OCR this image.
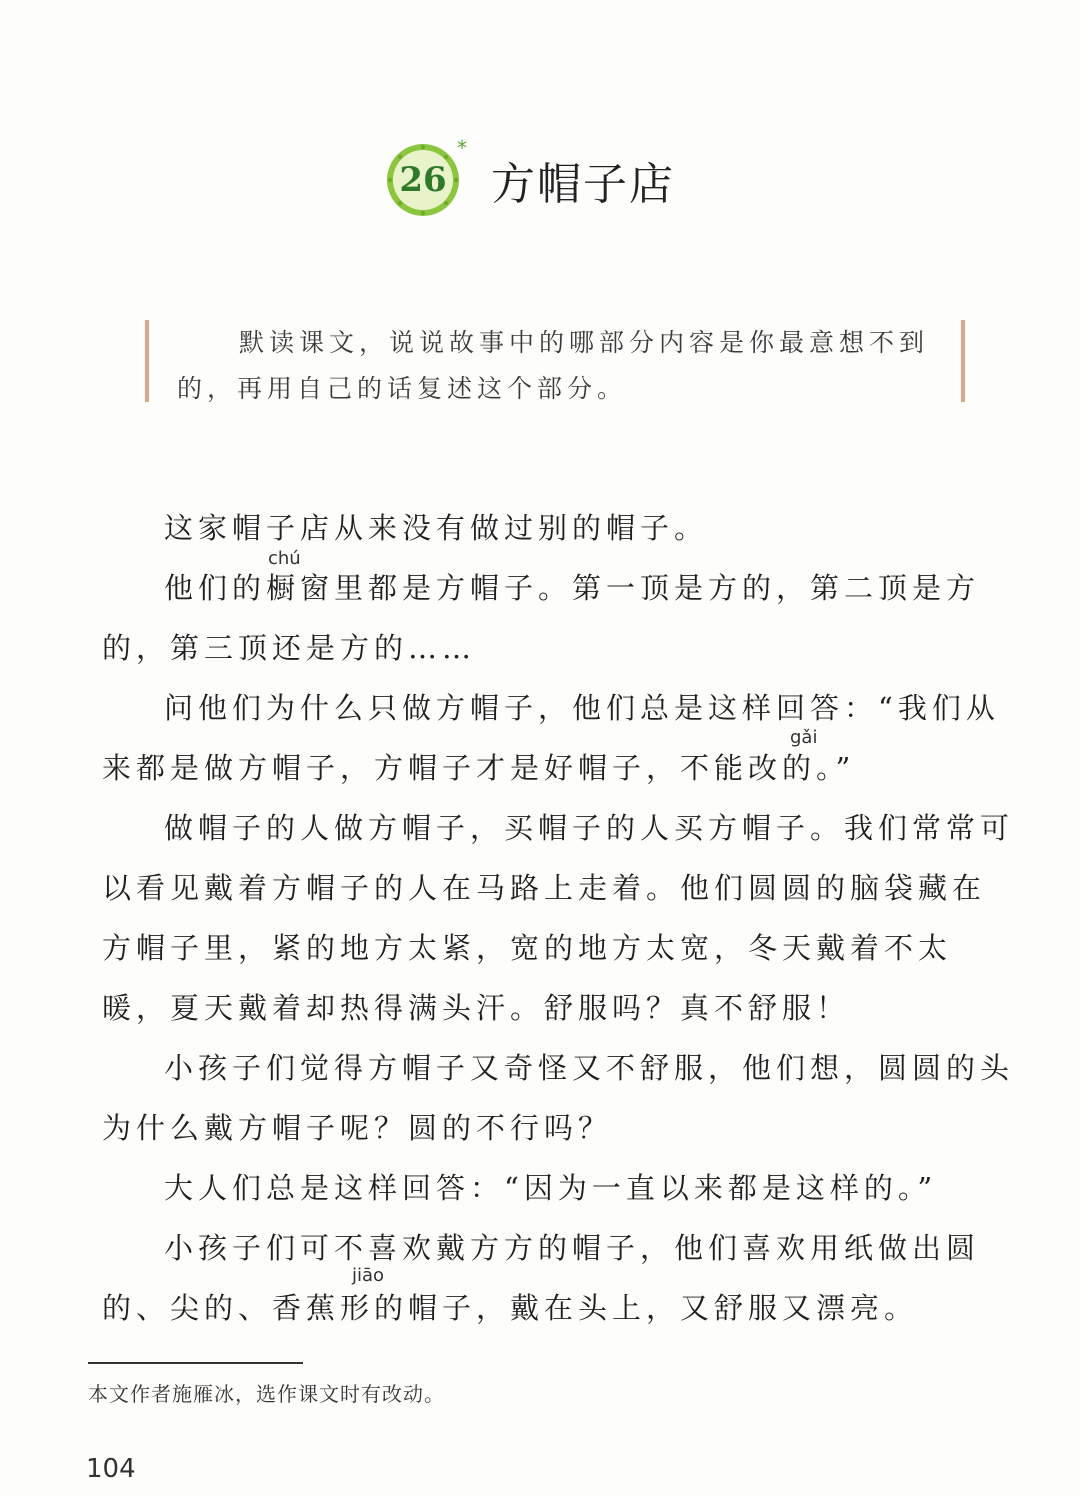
26
*
方帽子店
默读课文，说说故事中的哪部分内容是你最意想不到的，再用自己的话复述这个部分。

这家帽子店从来没有做过别的帽子。

他们的橱窗里都是方帽子。第一顶是方的，第二顶是方的，第三顶还是方的……

问他们为什么只做方帽子，他们总是这样回答：“我们从来都是做方帽子，方帽子才是好帽子，不能改的。”

做帽子的人做方帽子，买帽子的人买方帽子。我们常常可以看见戴着方帽子的人在马路上走着。他们圆圆的脑袋藏在方帽子里，紧的地方太紧，宽的地方太宽，冬天戴着不太暖，夏天戴着却热得满头汗。舒服吗？真不舒服！

小孩子们觉得方帽子又奇怪又不舒服，他们想，圆圆的头为什么戴方帽子呢？圆的不行吗？

大人们总是这样回答：“因为一直以来都是这样的。”

小孩子们可不喜欢戴方方的帽子，他们喜欢用纸做出圆的、尖的、香蕉形的帽子，戴在头上，又舒服又漂亮。

chú
gǎi
jiāo
本文作者施雁冰，选作课文时有改动。
104
